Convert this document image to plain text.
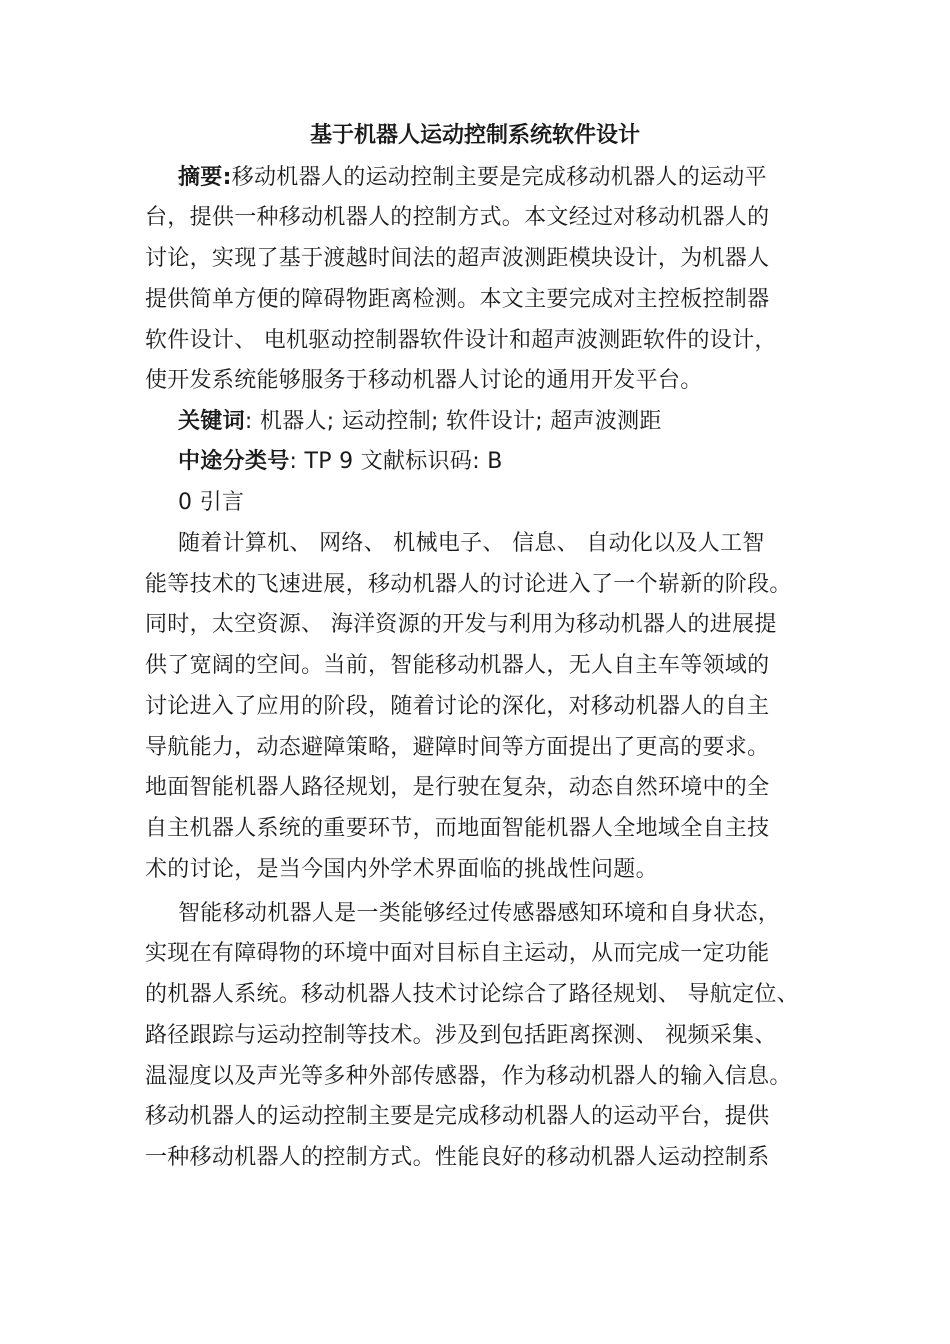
基于机器人运动控制系统软件设计
摘要:移动机器人的运动控制主要是完成移动机器人的运动平
台，提供一种移动机器人的控制方式。本文经过对移动机器人的
讨论，实现了基于渡越时间法的超声波测距模块设计，为机器人
提供简单方便的障碍物距离检测。本文主要完成对主控板控制器
软件设计、 电机驱动控制器软件设计和超声波测距软件的设计，
使开发系统能够服务于移动机器人讨论的通用开发平台。
关键词: 机器人; 运动控制; 软件设计; 超声波测距
中途分类号: TP 9 文献标识码: B
0 引言
随着计算机、 网络、 机械电子、 信息、 自动化以及人工智
能等技术的飞速进展，移动机器人的讨论进入了一个崭新的阶段。
同时，太空资源、 海洋资源的开发与利用为移动机器人的进展提
供了宽阔的空间。当前，智能移动机器人，无人自主车等领域的
讨论进入了应用的阶段，随着讨论的深化，对移动机器人的自主
导航能力，动态避障策略，避障时间等方面提出了更高的要求。
地面智能机器人路径规划，是行驶在复杂，动态自然环境中的全
自主机器人系统的重要环节，而地面智能机器人全地域全自主技
术的讨论，是当今国内外学术界面临的挑战性问题。
智能移动机器人是一类能够经过传感器感知环境和自身状态，
实现在有障碍物的环境中面对目标自主运动，从而完成一定功能
的机器人系统。移动机器人技术讨论综合了路径规划、 导航定位、
路径跟踪与运动控制等技术。涉及到包括距离探测、 视频采集、
温湿度以及声光等多种外部传感器，作为移动机器人的输入信息。
移动机器人的运动控制主要是完成移动机器人的运动平台，提供
一种移动机器人的控制方式。性能良好的移动机器人运动控制系
